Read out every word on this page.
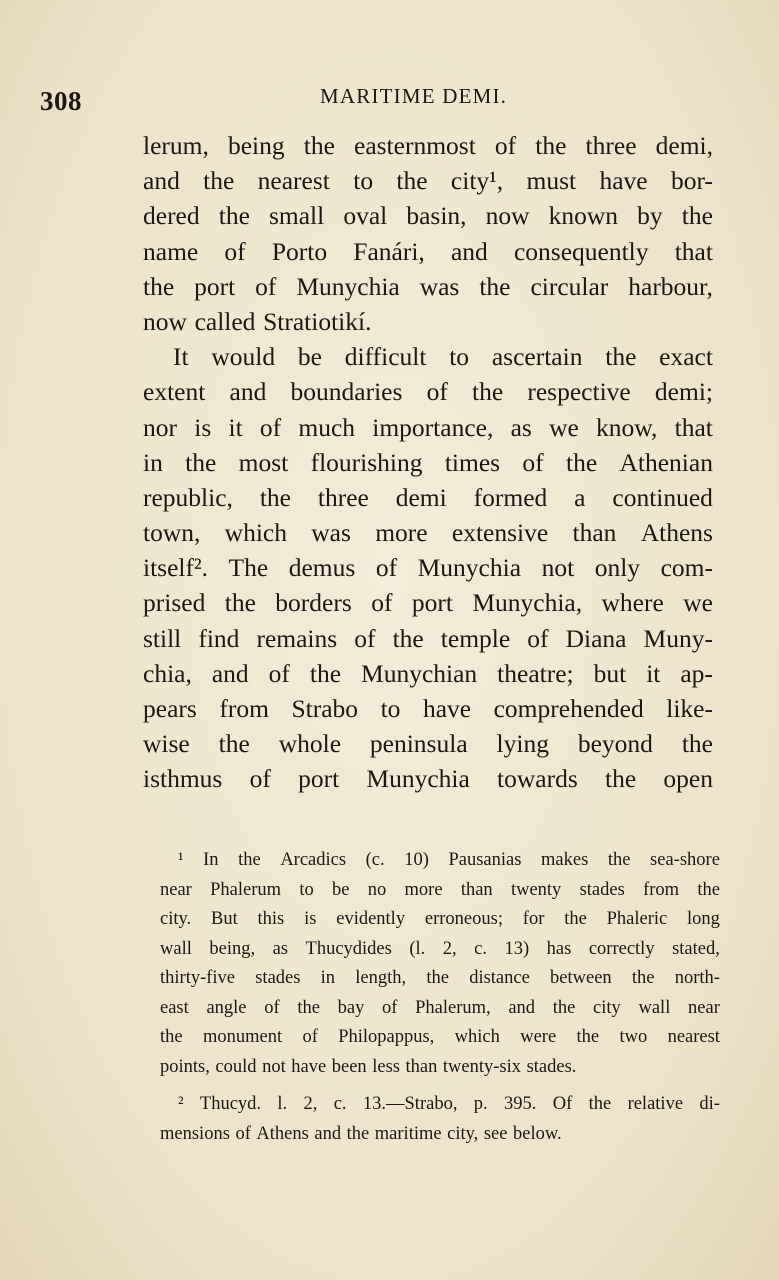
308	MARITIME DEMI.
lerum, being the easternmost of the three demi,
and the nearest to the city¹, must have bor-
dered the small oval basin, now known by the
name of Porto Fanári, and consequently that
the port of Munychia was the circular harbour,
now called Stratiotikí.
It would be difficult to ascertain the exact
extent and boundaries of the respective demi;
nor is it of much importance, as we know, that
in the most flourishing times of the Athenian
republic, the three demi formed a continued
town, which was more extensive than Athens
itself². The demus of Munychia not only com-
prised the borders of port Munychia, where we
still find remains of the temple of Diana Muny-
chia, and of the Munychian theatre; but it ap-
pears from Strabo to have comprehended like-
wise the whole peninsula lying beyond the
isthmus of port Munychia towards the open
¹ In the Arcadics (c. 10) Pausanias makes the sea-shore
near Phalerum to be no more than twenty stades from the
city. But this is evidently erroneous; for the Phaleric long
wall being, as Thucydides (l. 2, c. 13) has correctly stated,
thirty-five stades in length, the distance between the north-
east angle of the bay of Phalerum, and the city wall near
the monument of Philopappus, which were the two nearest
points, could not have been less than twenty-six stades.
² Thucyd. l. 2, c. 13.—Strabo, p. 395. Of the relative di-
mensions of Athens and the maritime city, see below.
